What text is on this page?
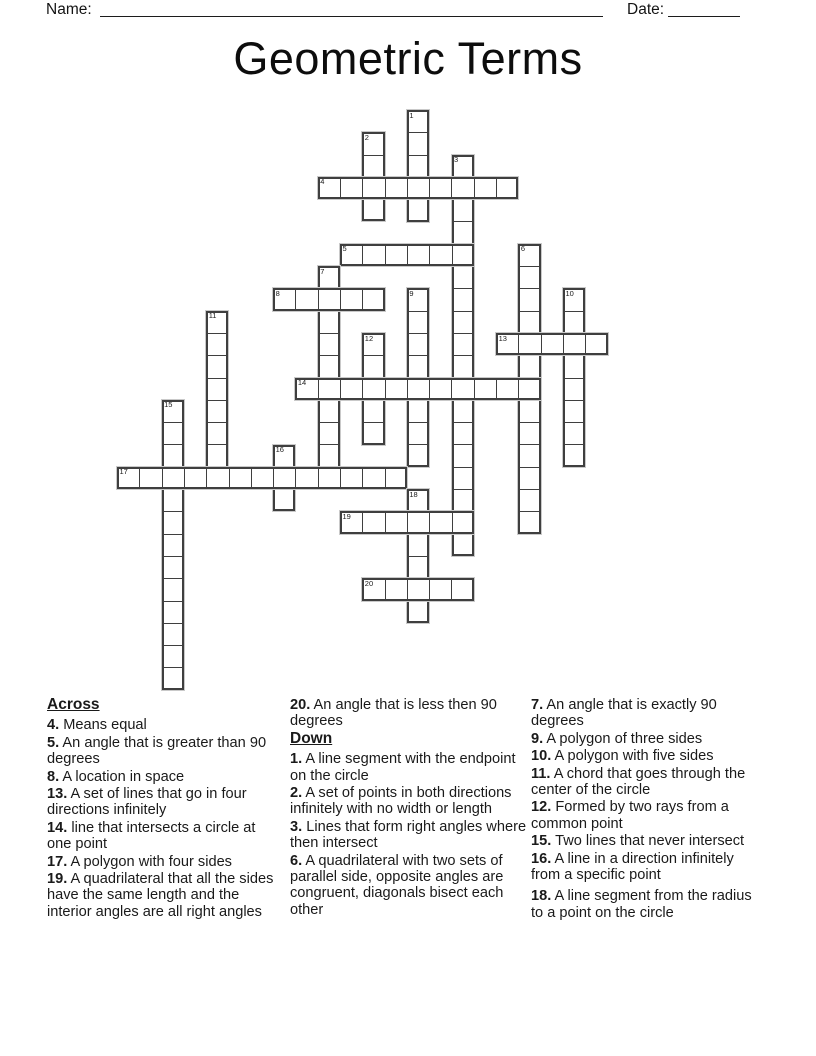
Name:	Date:
Geometric Terms
1
2
3
4
5	6
7
8	9	10
11
12	13
14
15
16
17
18
19
20
Across

4. Means equal

5. An angle that is greater than 90 degrees

8. A location in space

13. A set of lines that go in four directions infinitely

14. line that intersects a circle at one point

17. A polygon with four sides

19. A quadrilateral that all the sides have the same length and the interior angles are all right angles

20. An angle that is less then 90 degrees

Down

1. A line segment with the endpoint on the circle

2. A set of points in both directions infinitely with no width or length

3. Lines that form right angles where then intersect

6. A quadrilateral with two sets of parallel side, opposite angles are congruent, diagonals bisect each other

7. An angle that is exactly 90 degrees

9. A polygon of three sides

10. A polygon with five sides

11. A chord that goes through the center of the circle

12. Formed by two rays from a common point

15. Two lines that never intersect

16. A line in a direction infinitely from a specific point

18. A line segment from the radius to a point on the circle
